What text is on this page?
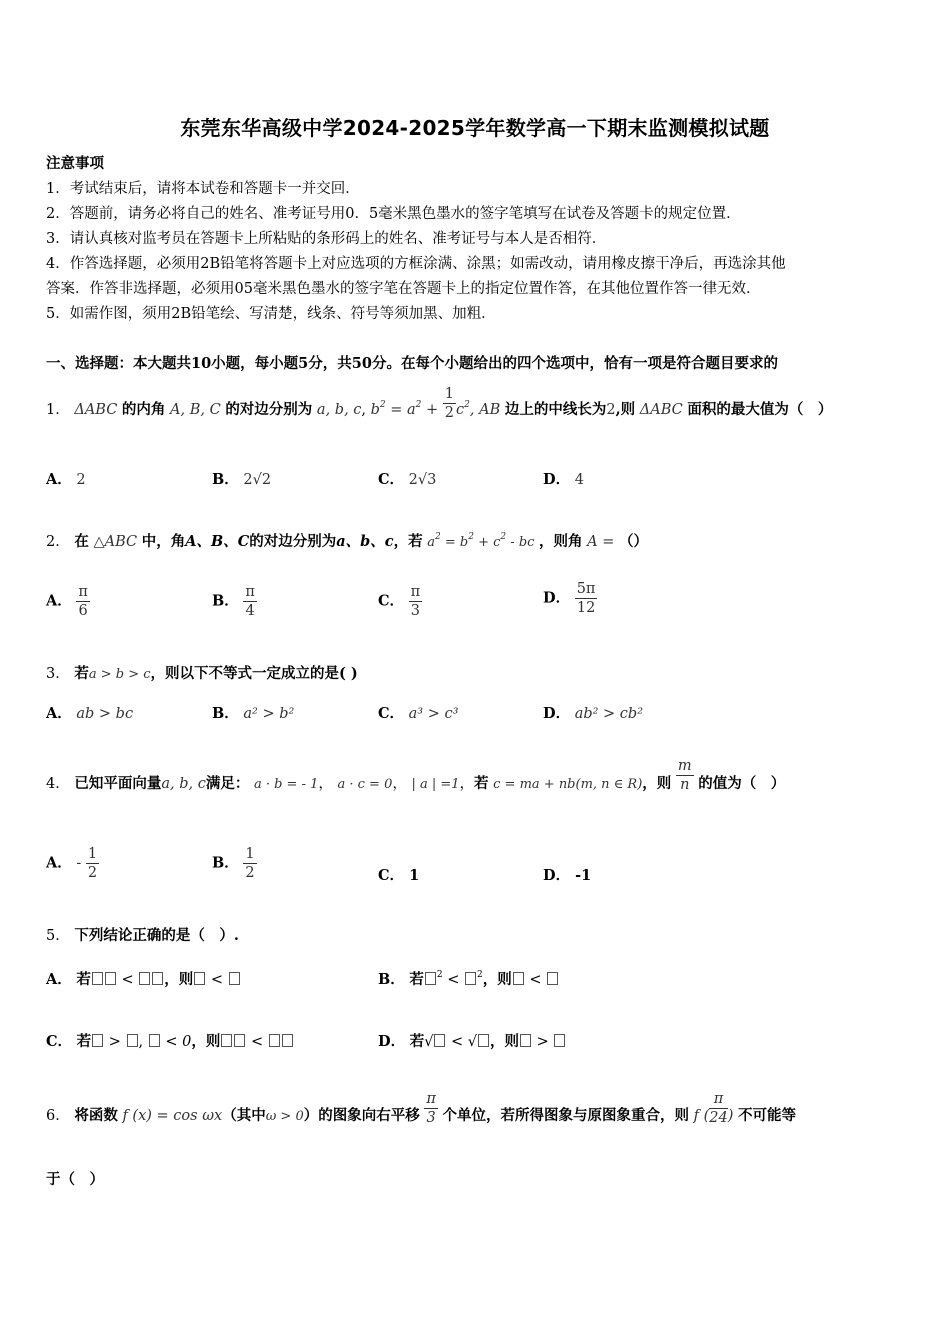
东莞东华高级中学2024-2025学年数学高一下期末监测模拟试题
注意事项
1．考试结束后，请将本试卷和答题卡一并交回．
2．答题前，请务必将自己的姓名、准考证号用0．5毫米黑色墨水的签字笔填写在试卷及答题卡的规定位置．
3．请认真核对监考员在答题卡上所粘贴的条形码上的姓名、准考证号与本人是否相符．
4．作答选择题，必须用2B铅笔将答题卡上对应选项的方框涂满、涂黑；如需改动，请用橡皮擦干净后，再选涂其他
答案．作答非选择题，必须用05毫米黑色墨水的签字笔在答题卡上的指定位置作答，在其他位置作答一律无效．
5．如需作图，须用2B铅笔绘、写清楚，线条、符号等须加黑、加粗．
一、选择题：本大题共10小题，每小题5分，共50分。在每个小题给出的四个选项中，恰有一项是符合题目要求的
1． ΔABC 的内角 A, B, C 的对边分别为 a, b, c, $b^2 = a^2 + \frac{1}{2} c^2$, AB 边上的中线长为2,则 ΔABC 面积的最大值为（　）
A． 2	B． 2√2	C． 2√3	D． 4
2． 在 △ABC 中，角A、B、C的对边分别为a、b、c，若 $a^2 = b^2 + c^2$ - bc ，则角 A = （）
A． $\frac{\pi}{6}$	B． $\frac{\pi}{4}$	C． $\frac{\pi}{3}$	D． $\frac{5\pi}{12}$
3． 若a > b > c，则以下不等式一定成立的是( )
A． ab > bc	B． a² > b²	C． a³ > c³	D． ab² > cb²
4． 已知平面向量a, b, c满足： a · b = - 1， a · c = 0， | a | =1，若 c = ma + nb(m, n ∈ R)，则 $\frac{m}{n}$ 的值为（　）
A． - $\frac{1}{2}$	B． $\frac{1}{2}$	C． 1	D． -1
5． 下列结论正确的是（　）.
A． 若 < ，则 <	B． 若 $^2$ < $^2$，则 <
C． 若 > ,  < 0，则 <	D． 若√ < √ ，则 >
6． 将函数 f (x) = cos ωx（其中ω > 0）的图象向右平移 $\frac{\pi}{3}$ 个单位，若所得图象与原图象重合，则 f ( $\frac{\pi}{24}$ ) 不可能等
于（　）
